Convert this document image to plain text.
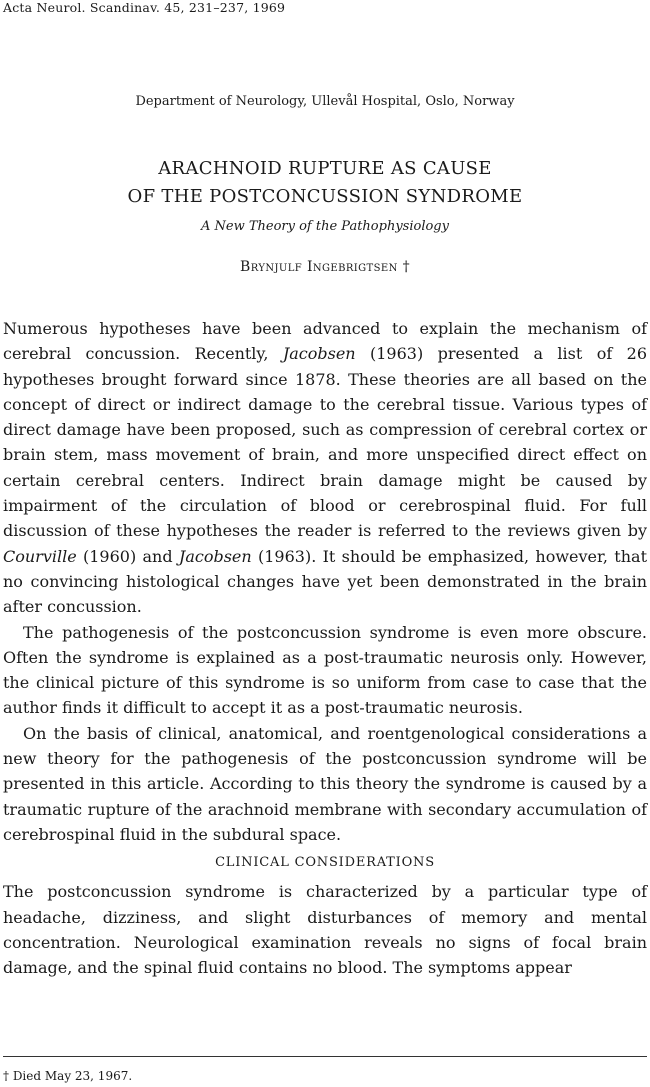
Acta Neurol. Scandinav. 45, 231–237, 1969
Department of Neurology, Ullevål Hospital, Oslo, Norway
ARACHNOID RUPTURE AS CAUSE
OF THE POSTCONCUSSION SYNDROME
A New Theory of the Pathophysiology
Brynjulf Ingebrigtsen †

Numerous hypotheses have been advanced to explain the mechanism of cerebral concussion. Recently, Jacobsen (1963) presented a list of 26 hypotheses brought forward since 1878. These theories are all based on the concept of direct or indirect damage to the cerebral tissue. Various types of direct damage have been proposed, such as compression of cerebral cortex or brain stem, mass movement of brain, and more unspecified direct effect on certain cerebral centers. Indirect brain damage might be caused by impairment of the circulation of blood or cerebrospinal fluid. For full discussion of these hypotheses the reader is referred to the reviews given by Courville (1960) and Jacobsen (1963). It should be emphasized, however, that no convincing histological changes have yet been demonstrated in the brain after concussion.

The pathogenesis of the postconcussion syndrome is even more obscure. Often the syndrome is explained as a post-traumatic neurosis only. However, the clinical picture of this syndrome is so uniform from case to case that the author finds it difficult to accept it as a post-traumatic neurosis.

On the basis of clinical, anatomical, and roentgenological considerations a new theory for the pathogenesis of the postconcussion syndrome will be presented in this article. According to this theory the syndrome is caused by a traumatic rupture of the arachnoid membrane with secondary accumulation of cerebrospinal fluid in the subdural space.

CLINICAL CONSIDERATIONS

The postconcussion syndrome is characterized by a particular type of headache, dizziness, and slight disturbances of memory and mental concentration. Neurological examination reveals no signs of focal brain damage, and the spinal fluid contains no blood. The symptoms appear

† Died May 23, 1967.
